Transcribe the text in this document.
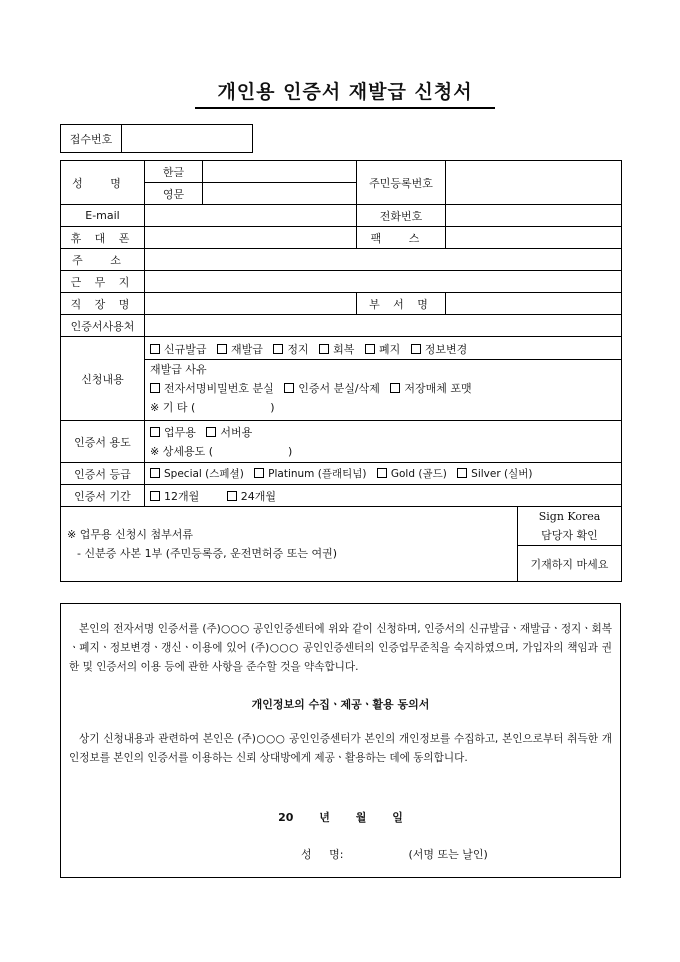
개인용 인증서 재발급 신청서
접수번호	
성 명	한글		주민등록번호		
	영문				
E-mail			전화번호		
휴 대 폰			팩 스		
주 소					
근 무 지					
직 장 명			부 서 명		
인증서사용처					
신청내용	신규발급 재발급 정지 회복 폐지 정보변경
재발급 사유
전자서명비밀번호 분실 인증서 분실/삭제 저장매체 포맷
※ 기 타 ( )				

인증서 용도	업무용 서버용
※ 상세용도 ( )				

인증서 등급	Special (스페셜) Platinum (플래티넘) Gold (골드) Silver (실버)				
인증서 기간	12개월 24개월				

※ 업무용 신청시 첨부서류
- 신분증 사본 1부 (주민등록증, 운전면허증 또는 여권)					Sign Korea
담당자 확인

					기재하지 마세요

본인의 전자서명 인증서를 (주)○○○ 공인인증센터에 위와 같이 신청하며, 인증서의 신규발급ㆍ재발급ㆍ정지ㆍ회복ㆍ폐지ㆍ정보변경ㆍ갱신ㆍ이용에 있어 (주)○○○ 공인인증센터의 인증업무준칙을 숙지하였으며, 가입자의 책임과 권한 및 인증서의 이용 등에 관한 사항을 준수할 것을 약속합니다.

개인정보의 수집ㆍ제공ㆍ활용 동의서

상기 신청내용과 관련하여 본인은 (주)○○○ 공인인증센터가 본인의 개인정보를 수집하고, 본인으로부터 취득한 개인정보를 본인의 인증서를 이용하는 신뢰 상대방에게 제공ㆍ활용하는 데에 동의합니다.

20 년 월 일
성 명:	(서명 또는 날인)
